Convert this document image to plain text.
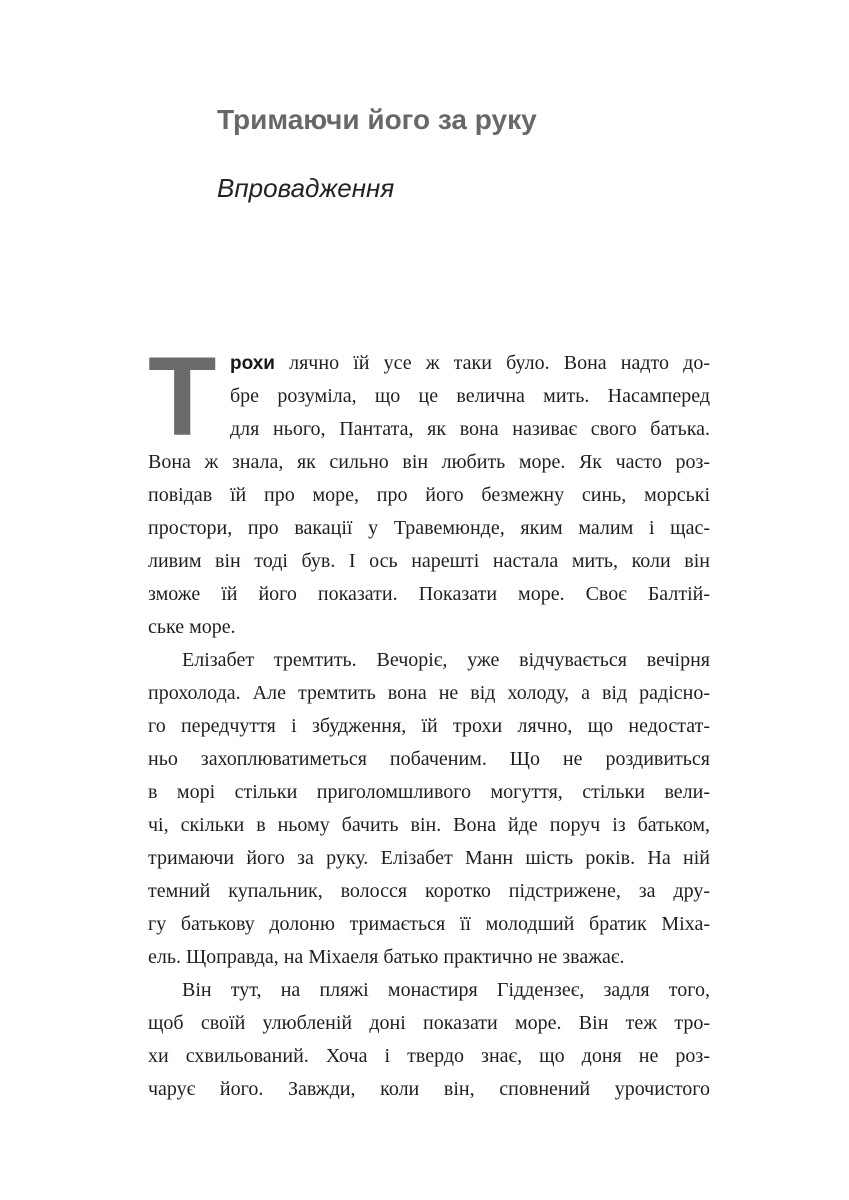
Тримаючи його за руку
Впровадження
Т рохи лячно їй усе ж таки було. Вона надто до-
бре розуміла, що це велична мить. Насамперед
для нього, Пантата, як вона називає свого батька.
Вона ж знала, як сильно він любить море. Як часто роз-
повідав їй про море, про його безмежну синь, морські
простори, про вакації у Травемюнде, яким малим і щас-
ливим він тоді був. І ось нарешті настала мить, коли він
зможе їй його показати. Показати море. Своє Балтій-
ське море.
Елізабет тремтить. Вечоріє, уже відчувається вечірня
прохолода. Але тремтить вона не від холоду, а від радісно-
го передчуття і збудження, їй трохи лячно, що недостат-
ньо захоплюватиметься побаченим. Що не роздивиться
в морі стільки приголомшливого могуття, стільки вели-
чі, скільки в ньому бачить він. Вона йде поруч із батьком,
тримаючи його за руку. Елізабет Манн шість років. На ній
темний купальник, волосся коротко підстрижене, за дру-
гу батькову долоню тримається її молодший братик Міха-
ель. Щоправда, на Міхаеля батько практично не зважає.
Він тут, на пляжі монастиря Гіддензеє, задля того,
щоб своїй улюбленій доні показати море. Він теж тро-
хи схвильований. Хоча і твердо знає, що доня не роз-
чарує його. Завжди, коли він, сповнений урочистого
